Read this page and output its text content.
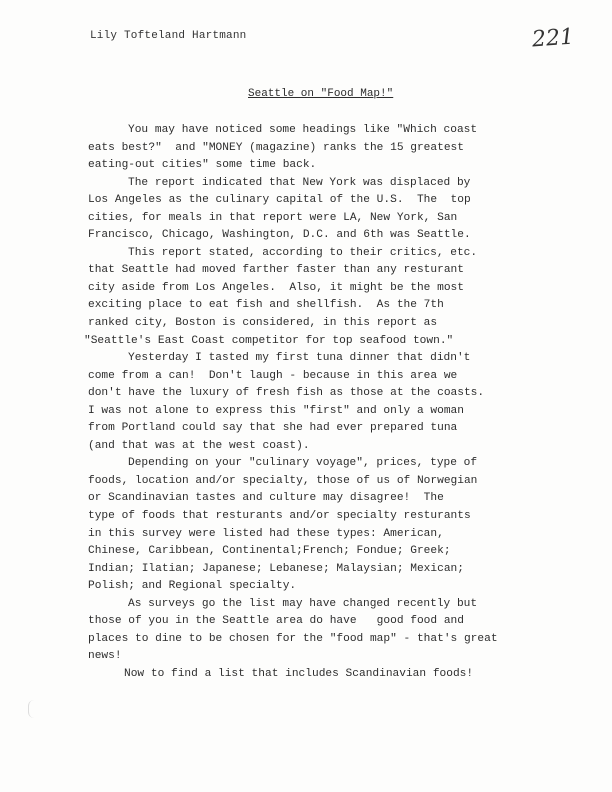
Lily Tofteland Hartmann	221
Seattle on "Food Map!"
You may have noticed some headings like "Which coast
eats best?"  and "MONEY (magazine) ranks the 15 greatest
eating-out cities" some time back.
The report indicated that New York was displaced by
Los Angeles as the culinary capital of the U.S.  The  top
cities, for meals in that report were LA, New York, San
Francisco, Chicago, Washington, D.C. and 6th was Seattle.
This report stated, according to their critics, etc.
that Seattle had moved farther faster than any resturant
city aside from Los Angeles.  Also, it might be the most
exciting place to eat fish and shellfish.  As the 7th
ranked city, Boston is considered, in this report as
"Seattle's East Coast competitor for top seafood town."
Yesterday I tasted my first tuna dinner that didn't
come from a can!  Don't laugh - because in this area we
don't have the luxury of fresh fish as those at the coasts.
I was not alone to express this "first" and only a woman
from Portland could say that she had ever prepared tuna
(and that was at the west coast).
Depending on your "culinary voyage", prices, type of
foods, location and/or specialty, those of us of Norwegian
or Scandinavian tastes and culture may disagree!  The
type of foods that resturants and/or specialty resturants
in this survey were listed had these types: American,
Chinese, Caribbean, Continental;French; Fondue; Greek;
Indian; Ilatian; Japanese; Lebanese; Malaysian; Mexican;
Polish; and Regional specialty.
As surveys go the list may have changed recently but
those of you in the Seattle area do have   good food and
places to dine to be chosen for the "food map" - that's great
news!
Now to find a list that includes Scandinavian foods!
